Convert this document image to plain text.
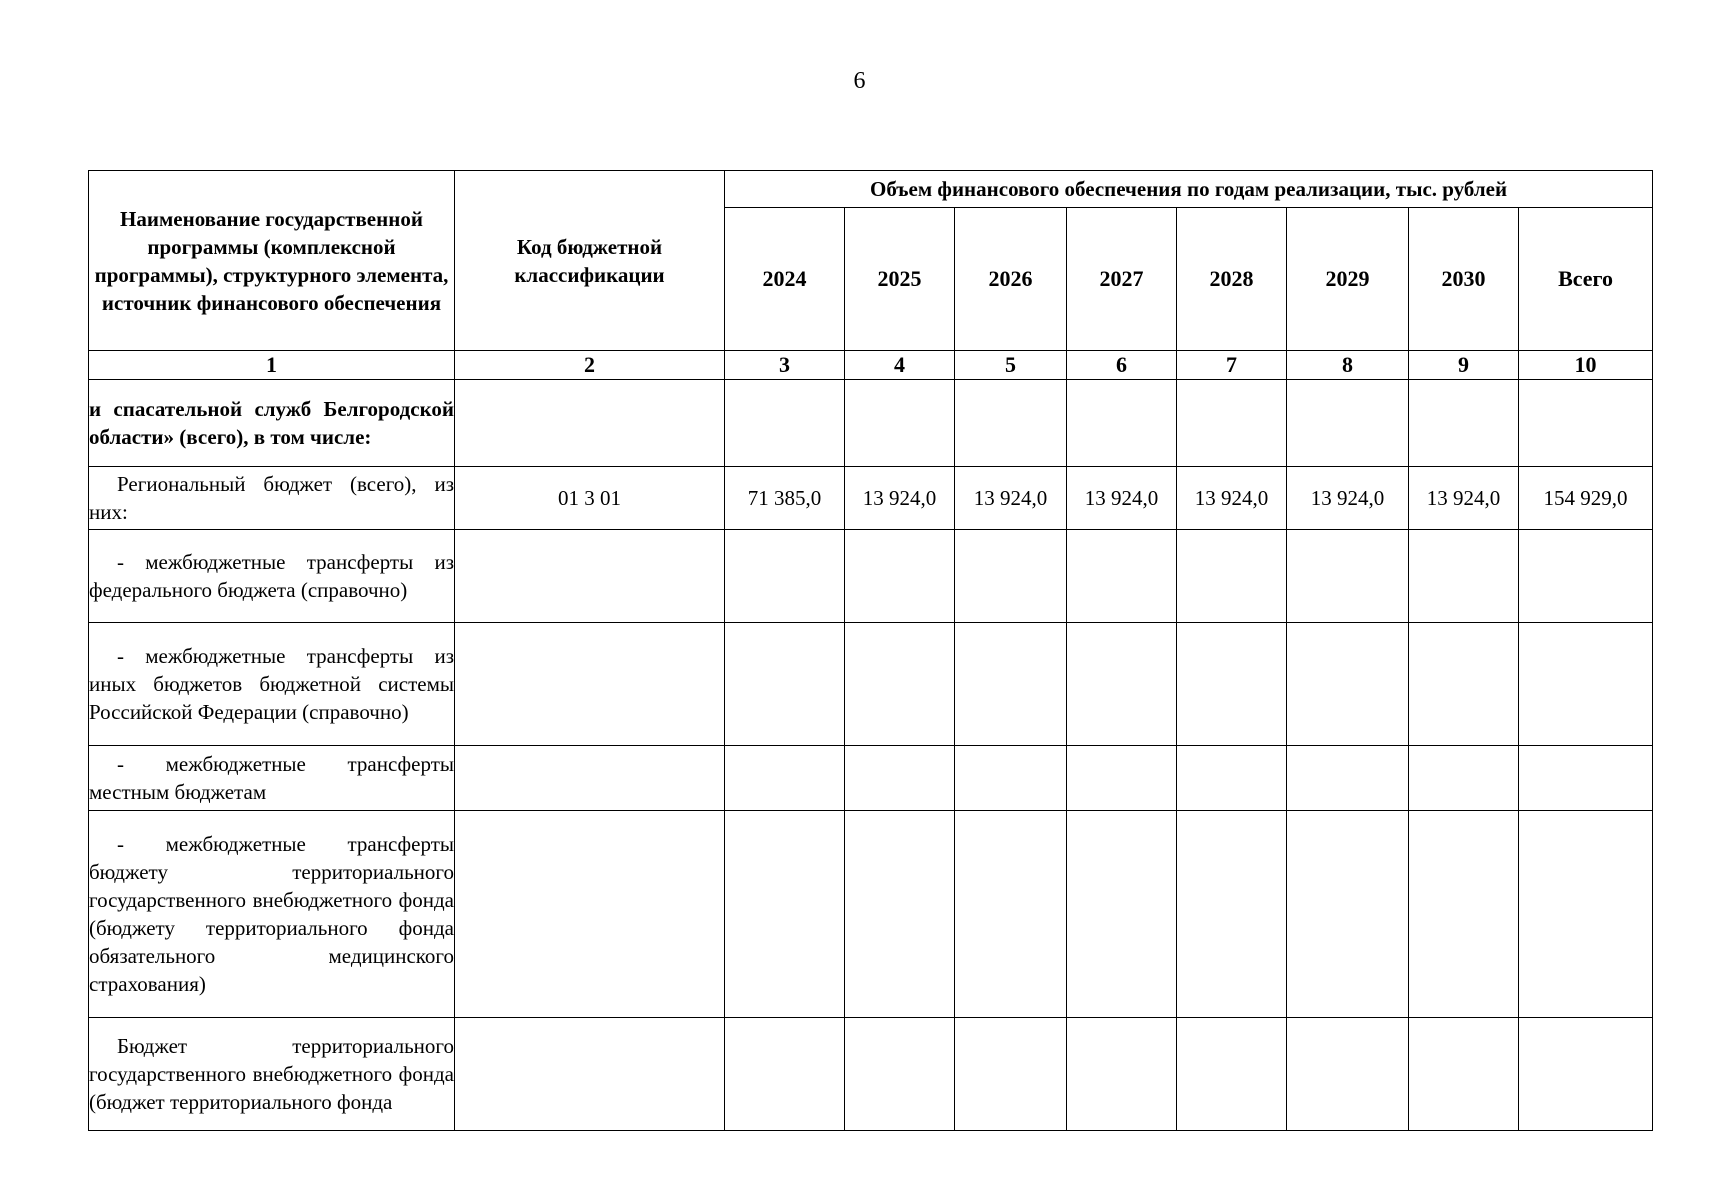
6
Наименование государственной программы (комплексной программы), структурного элемента, источник финансового обеспечения	Код бюджетной классификации	Объем финансового обеспечения по годам реализации, тыс. рублей							
		2024	2025	2026	2027	2028	2029	2030	Всего
1	2	3	4	5	6	7	8	9	10
и спасательной служб Белгородской области» (всего), в том числе:									
Региональный бюджет (всего), из них:	01 3 01	71 385,0	13 924,0	13 924,0	13 924,0	13 924,0	13 924,0	13 924,0	154 929,0
- межбюджетные трансферты из федерального бюджета (справочно)									
- межбюджетные трансферты из иных бюджетов бюджетной системы Российской Федерации (справочно)									
- межбюджетные трансферты местным бюджетам									
- межбюджетные трансферты бюджету территориального государственного внебюджетного фонда (бюджету территориального фонда обязательного медицинского страхования)									
Бюджет территориального государственного внебюджетного фонда (бюджет территориального фонда									
